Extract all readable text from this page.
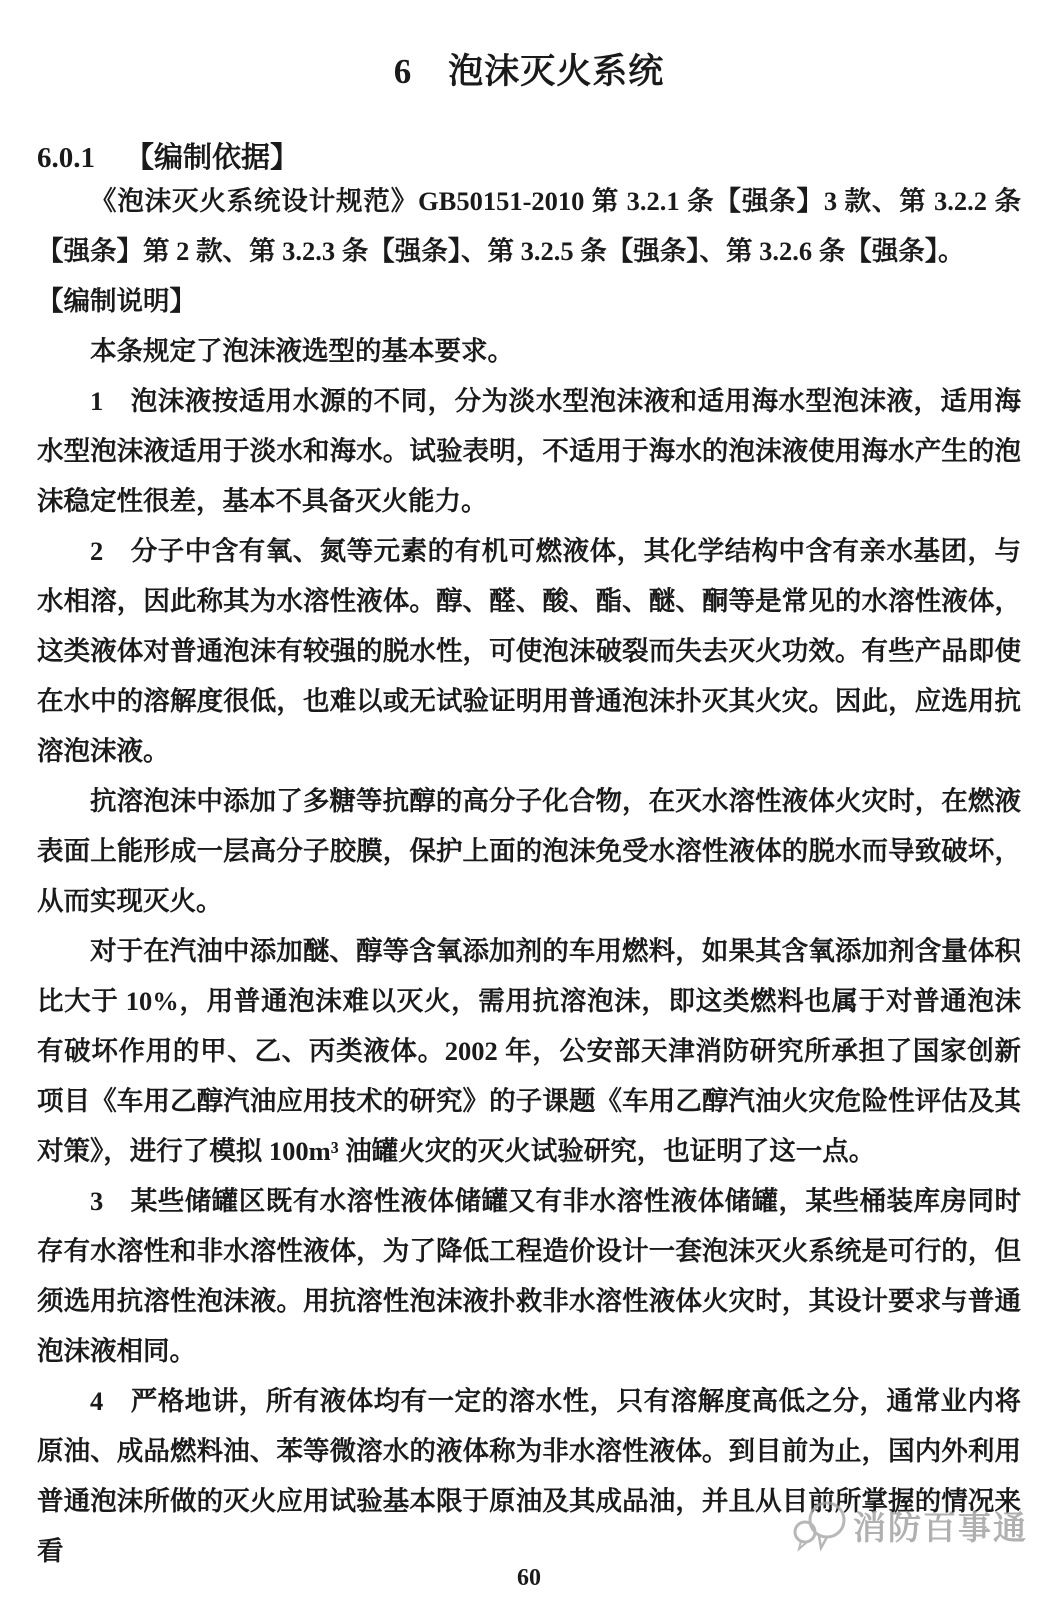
6　泡沫灭火系统
6.0.1 【编制依据】

《泡沫灭火系统设计规范》GB50151-2010 第 3.2.1 条【强条】3 款、第 3.2.2 条【强条】第 2 款、第 3.2.3 条【强条】、第 3.2.5 条【强条】、第 3.2.6 条【强条】。

【编制说明】

本条规定了泡沫液选型的基本要求。

1　泡沫液按适用水源的不同，分为淡水型泡沫液和适用海水型泡沫液，适用海水型泡沫液适用于淡水和海水。试验表明，不适用于海水的泡沫液使用海水产生的泡沫稳定性很差，基本不具备灭火能力。

2　分子中含有氧、氮等元素的有机可燃液体，其化学结构中含有亲水基团，与水相溶，因此称其为水溶性液体。醇、醛、酸、酯、醚、酮等是常见的水溶性液体，这类液体对普通泡沫有较强的脱水性，可使泡沫破裂而失去灭火功效。有些产品即使在水中的溶解度很低，也难以或无试验证明用普通泡沫扑灭其火灾。因此，应选用抗溶泡沫液。

抗溶泡沫中添加了多糖等抗醇的高分子化合物，在灭水溶性液体火灾时，在燃液表面上能形成一层高分子胶膜，保护上面的泡沫免受水溶性液体的脱水而导致破坏，从而实现灭火。

对于在汽油中添加醚、醇等含氧添加剂的车用燃料，如果其含氧添加剂含量体积比大于 10%，用普通泡沫难以灭火，需用抗溶泡沫，即这类燃料也属于对普通泡沫有破坏作用的甲、乙、丙类液体。2002 年，公安部天津消防研究所承担了国家创新项目《车用乙醇汽油应用技术的研究》的子课题《车用乙醇汽油火灾危险性评估及其对策》，进行了模拟 100m³ 油罐火灾的灭火试验研究，也证明了这一点。

3　某些储罐区既有水溶性液体储罐又有非水溶性液体储罐，某些桶装库房同时存有水溶性和非水溶性液体，为了降低工程造价设计一套泡沫灭火系统是可行的，但须选用抗溶性泡沫液。用抗溶性泡沫液扑救非水溶性液体火灾时，其设计要求与普通泡沫液相同。

4　严格地讲，所有液体均有一定的溶水性，只有溶解度高低之分，通常业内将原油、成品燃料油、苯等微溶水的液体称为非水溶性液体。到目前为止，国内外利用普通泡沫所做的灭火应用试验基本限于原油及其成品油，并且从目前所掌握的情况来看

消防百事通
60
